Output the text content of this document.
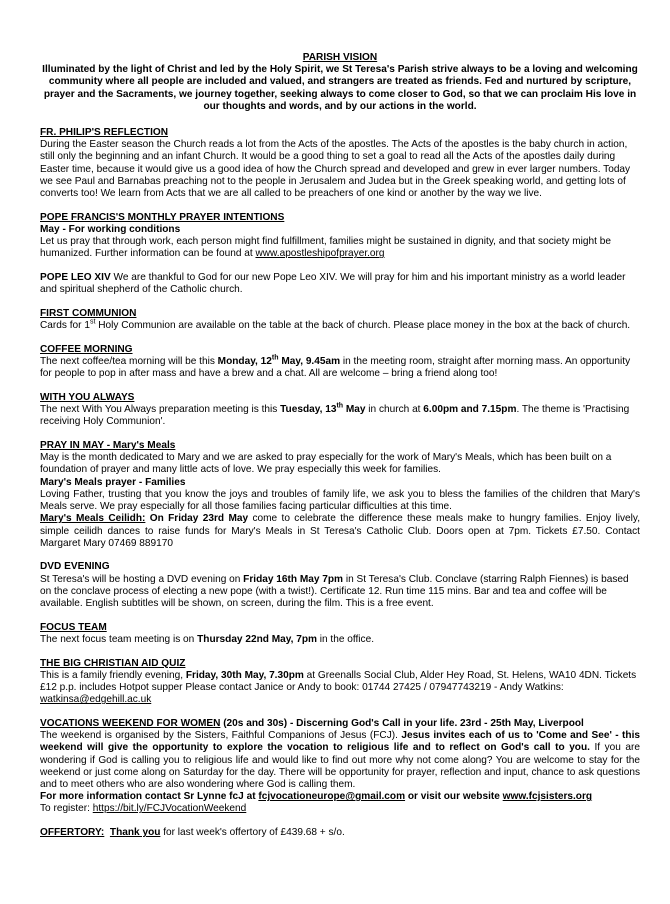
PARISH VISION
Illuminated by the light of Christ and led by the Holy Spirit, we St Teresa's Parish strive always to be a loving and welcoming community where all people are included and valued, and strangers are treated as friends. Fed and nurtured by scripture, prayer and the Sacraments, we journey together, seeking always to come closer to God, so that we can proclaim His love in our thoughts and words, and by our actions in the world.
FR. PHILIP'S REFLECTION

During the Easter season the Church reads a lot from the Acts of the apostles. The Acts of the apostles is the baby church in action, still only the beginning and an infant Church. It would be a good thing to set a goal to read all the Acts of the apostles daily during Easter time, because it would give us a good idea of how the Church spread and developed and grew in ever larger numbers. Today we see Paul and Barnabas preaching not to the people in Jerusalem and Judea but in the Greek speaking world, and getting lots of converts too! We learn from Acts that we are all called to be preachers of one kind or another by the way we live.

POPE FRANCIS'S MONTHLY PRAYER INTENTIONS
May - For working conditions

Let us pray that through work, each person might find fulfillment, families might be sustained in dignity, and that society might be humanized. Further information can be found at www.apostleshipofprayer.org

POPE LEO XIV We are thankful to God for our new Pope Leo XIV. We will pray for him and his important ministry as a world leader and spiritual shepherd of the Catholic church.

FIRST COMMUNION

Cards for 1st Holy Communion are available on the table at the back of church. Please place money in the box at the back of church.

COFFEE MORNING

The next coffee/tea morning will be this Monday, 12th May, 9.45am in the meeting room, straight after morning mass. An opportunity for people to pop in after mass and have a brew and a chat. All are welcome – bring a friend along too!

WITH YOU ALWAYS

The next With You Always preparation meeting is this Tuesday, 13th May in church at 6.00pm and 7.15pm. The theme is 'Practising receiving Holy Communion'.

PRAY IN MAY - Mary's Meals

May is the month dedicated to Mary and we are asked to pray especially for the work of Mary's Meals, which has been built on a foundation of prayer and many little acts of love. We pray especially this week for families.

Mary's Meals prayer - Families

Loving Father, trusting that you know the joys and troubles of family life, we ask you to bless the families of the children that Mary's Meals serve. We pray especially for all those families facing particular difficulties at this time.

Mary's Meals Ceilidh: On Friday 23rd May come to celebrate the difference these meals make to hungry families. Enjoy lively, simple ceilidh dances to raise funds for Mary's Meals in St Teresa's Catholic Club. Doors open at 7pm. Tickets £7.50. Contact Margaret Mary 07469 889170

DVD EVENING

St Teresa's will be hosting a DVD evening on Friday 16th May 7pm in St Teresa's Club. Conclave (starring Ralph Fiennes) is based on the conclave process of electing a new pope (with a twist!). Certificate 12. Run time 115 mins. Bar and tea and coffee will be available. English subtitles will be shown, on screen, during the film. This is a free event.

FOCUS TEAM

The next focus team meeting is on Thursday 22nd May, 7pm in the office.

THE BIG CHRISTIAN AID QUIZ

This is a family friendly evening, Friday, 30th May, 7.30pm at Greenalls Social Club, Alder Hey Road, St. Helens, WA10 4DN. Tickets £12 p.p. includes Hotpot supper Please contact Janice or Andy to book: 01744 27425 / 07947743219 - Andy Watkins: watkinsa@edgehill.ac.uk

VOCATIONS WEEKEND FOR WOMEN (20s and 30s) - Discerning God's Call in your life. 23rd - 25th May, Liverpool

The weekend is organised by the Sisters, Faithful Companions of Jesus (FCJ). Jesus invites each of us to 'Come and See' - this weekend will give the opportunity to explore the vocation to religious life and to reflect on God's call to you. If you are wondering if God is calling you to religious life and would like to find out more why not come along? You are welcome to stay for the weekend or just come along on Saturday for the day. There will be opportunity for prayer, reflection and input, chance to ask questions and to meet others who are also wondering where God is calling them.

For more information contact Sr Lynne fcJ at fcjvocationeurope@gmail.com or visit our website www.fcjsisters.org

To register: https://bit.ly/FCJVocationWeekend

OFFERTORY: Thank you for last week's offertory of £439.68 + s/o.
